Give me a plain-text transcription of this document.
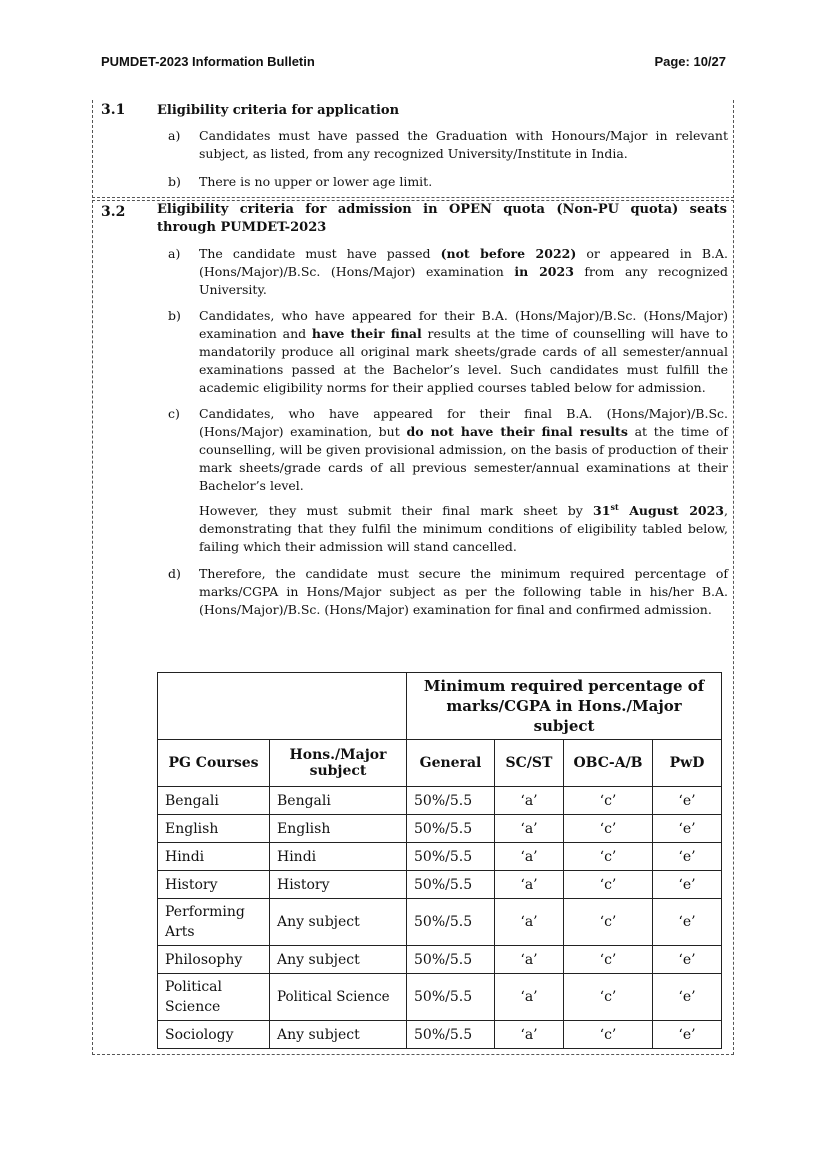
PUMDET-2023 Information Bulletin	Page: 10/27
3.1 Eligibility criteria for application
a) Candidates must have passed the Graduation with Honours/Major in relevant subject, as listed, from any recognized University/Institute in India.
b) There is no upper or lower age limit.
3.2 Eligibility criteria for admission in OPEN quota (Non-PU quota) seats through PUMDET-2023
a) The candidate must have passed (not before 2022) or appeared in B.A. (Hons/Major)/B.Sc. (Hons/Major) examination in 2023 from any recognized University.
b) Candidates, who have appeared for their B.A. (Hons/Major)/B.Sc. (Hons/Major) examination and have their final results at the time of counselling will have to mandatorily produce all original mark sheets/grade cards of all semester/annual examinations passed at the Bachelor’s level. Such candidates must fulfill the academic eligibility norms for their applied courses tabled below for admission.
c) Candidates, who have appeared for their final B.A. (Hons/Major)/B.Sc. (Hons/Major) examination, but do not have their final results at the time of counselling, will be given provisional admission, on the basis of production of their mark sheets/grade cards of all previous semester/annual examinations at their Bachelor’s level.
However, they must submit their final mark sheet by 31st August 2023, demonstrating that they fulfil the minimum conditions of eligibility tabled below, failing which their admission will stand cancelled.
d) Therefore, the candidate must secure the minimum required percentage of marks/CGPA in Hons/Major subject as per the following table in his/her B.A. (Hons/Major)/B.Sc. (Hons/Major) examination for final and confirmed admission.
		Minimum required percentage of marks/CGPA in Hons./Major subject			
PG Courses	Hons./Major subject	General	SC/ST	OBC-A/B	PwD
Bengali	Bengali	50%/5.5	‘a’	‘c’	‘e’
English	English	50%/5.5	‘a’	‘c’	‘e’
Hindi	Hindi	50%/5.5	‘a’	‘c’	‘e’
History	History	50%/5.5	‘a’	‘c’	‘e’
Performing Arts	Any subject	50%/5.5	‘a’	‘c’	‘e’
Philosophy	Any subject	50%/5.5	‘a’	‘c’	‘e’
Political Science	Political Science	50%/5.5	‘a’	‘c’	‘e’
Sociology	Any subject	50%/5.5	‘a’	‘c’	‘e’
